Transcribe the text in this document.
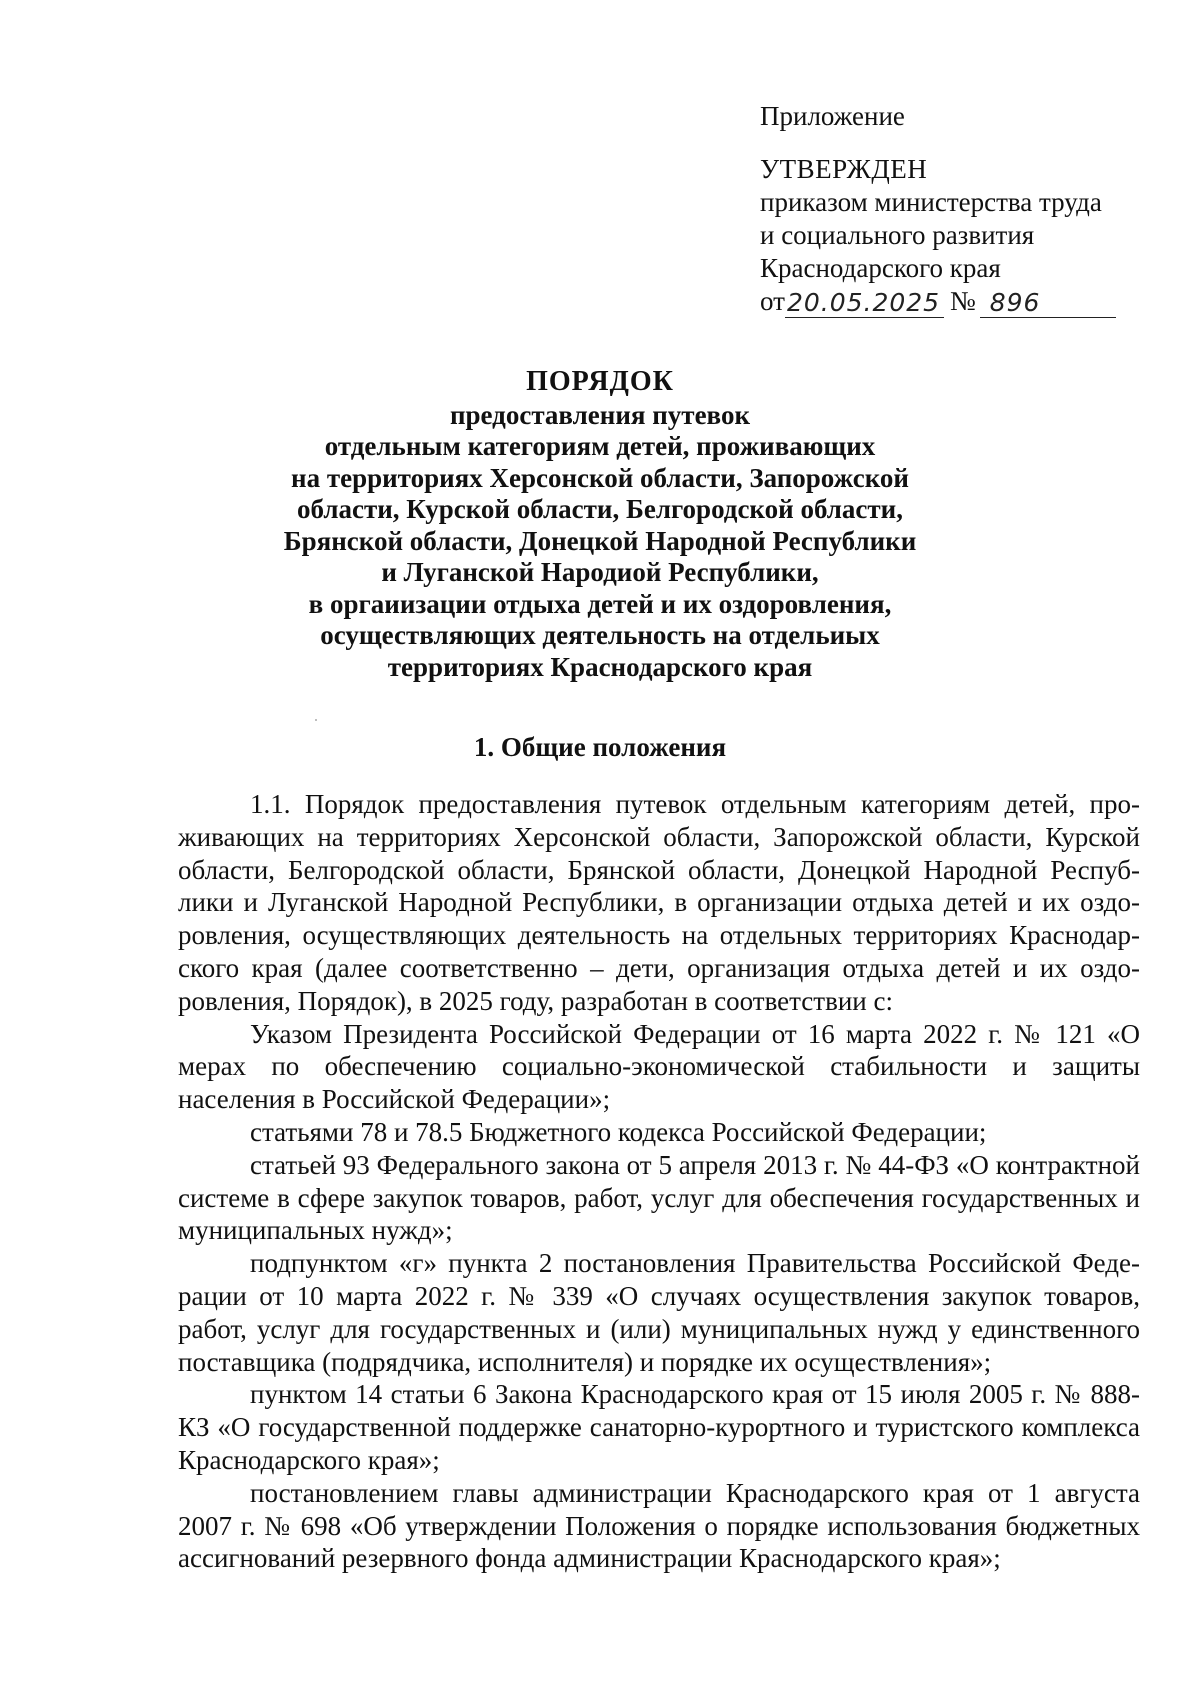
Приложение
УТВЕРЖДЕН
приказом министерства труда
и социального развития
Краснодарского края
от 20.05.2025 № 896
ПОРЯДОК
предоставления путевок
отдельным категориям детей, проживающих
на территориях Херсонской области, Запорожской
области, Курской области, Белгородской области,
Брянской области, Донецкой Народной Республики
и Луганской Народиой Республики,
в оргаиизации отдыха детей и их оздоровления,
осуществляющих деятельность на отдельиых
территориях Краснодарского края
1. Общие положения

1.1. Порядок предоставления путевок отдельным категориям детей, проживающих на территориях Херсонской области, Запорожской области, Курской области, Белгородской области, Брянской области, Донецкой Народной Республики и Луганской Народной Республики, в организации отдыха детей и их оздоровления, осуществляющих деятельность на отдельных территориях Краснодарского края (далее соответственно – дети, организация отдыха детей и их оздоровления, Порядок), в 2025 году, разработан в соответствии с:

Указом Президента Российской Федерации от 16 марта 2022 г. № 121 «О мерах по обеспечению социально-экономической стабильности и защиты населения в Российской Федерации»;

статьями 78 и 78.5 Бюджетного кодекса Российской Федерации;

статьей 93 Федерального закона от 5 апреля 2013 г. № 44-ФЗ «О контрактной системе в сфере закупок товаров, работ, услуг для обеспечения государственных и муниципальных нужд»;

подпунктом «г» пункта 2 постановления Правительства Российской Федерации от 10 марта 2022 г. № 339 «О случаях осуществления закупок товаров, работ, услуг для государственных и (или) муниципальных нужд у единственного поставщика (подрядчика, исполнителя) и порядке их осуществления»;

пунктом 14 статьи 6 Закона Краснодарского края от 15 июля 2005 г. № 888-КЗ «О государственной поддержке санаторно-курортного и туристского комплекса Краснодарского края»;

постановлением главы администрации Краснодарского края от 1 августа 2007 г. № 698 «Об утверждении Положения о порядке использования бюджетных ассигнований резервного фонда администрации Краснодарского края»;
